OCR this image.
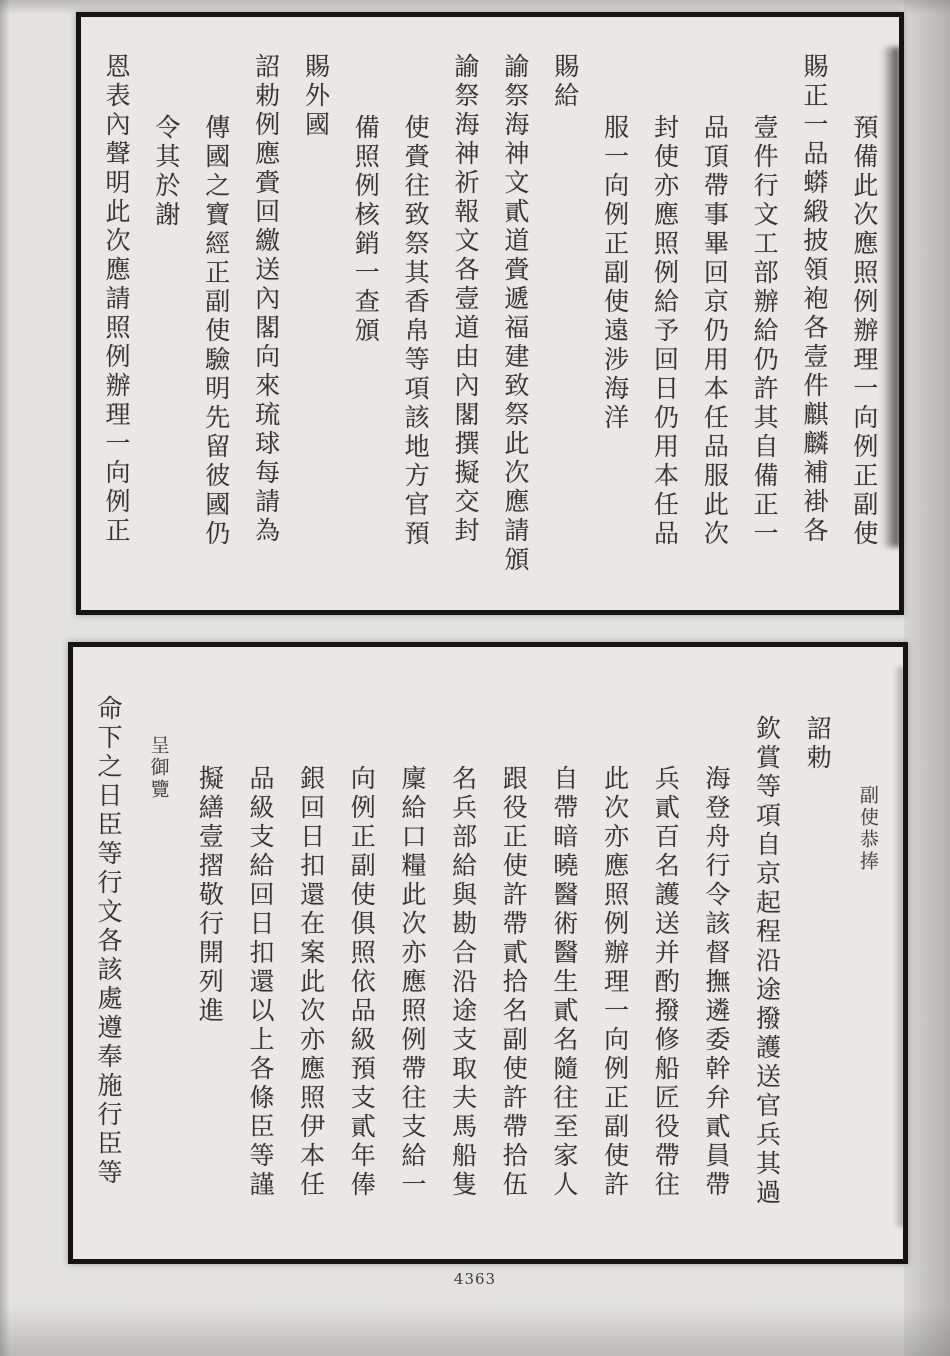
預備此次應照例辦理一向例正副使
賜正一品蟒緞披領袍各壹件麒麟補褂各
壹件行文工部辦給仍許其自備正一
品頂帶事畢回京仍用本任品服此次
封使亦應照例給予回日仍用本任品
服一向例正副使遠涉海洋
賜給
諭祭海神文貳道賫遞福建致祭此次應請頒
諭祭海神祈報文各壹道由內閣撰擬交封
使賫往致祭其香帛等項該地方官預
備照例核銷一查頒
賜外國
詔勅例應賫回繳送內閣向來琉球每請為
傳國之寶經正副使驗明先留彼國仍
令其於謝
恩表內聲明此次應請照例辦理一向例正
副使恭捧
詔勅
欽賞等項自京起程沿途撥護送官兵其過
海登舟行令該督撫遴委幹弁貳員帶
兵貳百名護送并酌撥修船匠役帶往
此次亦應照例辦理一向例正副使許
自帶暗曉醫術醫生貳名隨往至家人
跟役正使許帶貳拾名副使許帶拾伍
名兵部給與勘合沿途支取夫馬船隻
廩給口糧此次亦應照例帶往支給一
向例正副使俱照依品級預支貳年俸
銀回日扣還在案此次亦應照伊本任
品級支給回日扣還以上各條臣等謹
擬繕壹摺敬行開列進
呈御覽
命下之日臣等行文各該處遵奉施行臣等
4363
